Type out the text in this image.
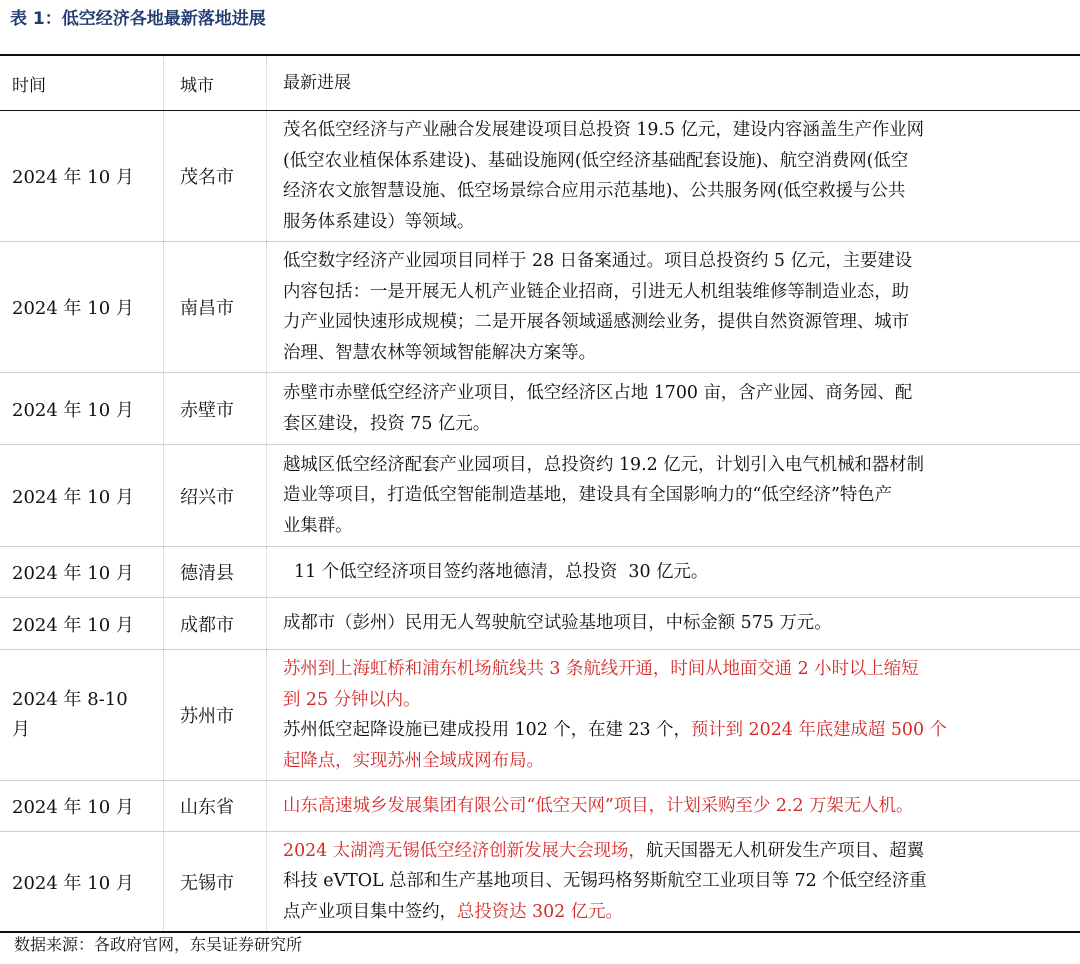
表 1：低空经济各地最新落地进展
时间	城市	最新进展
2024 年 10 月	茂名市
茂名低空经济与产业融合发展建设项目总投资 19.5 亿元，建设内容涵盖生产作业网
(低空农业植保体系建设)、基础设施网(低空经济基础配套设施)、航空消费网(低空
经济农文旅智慧设施、低空场景综合应用示范基地)、公共服务网(低空救援与公共
服务体系建设）等领域。
2024 年 10 月	南昌市
低空数字经济产业园项目同样于 28 日备案通过。项目总投资约 5 亿元，主要建设
内容包括：一是开展无人机产业链企业招商，引进无人机组装维修等制造业态，助
力产业园快速形成规模；二是开展各领域遥感测绘业务，提供自然资源管理、城市
治理、智慧农林等领域智能解决方案等。
2024 年 10 月	赤壁市
赤壁市赤壁低空经济产业项目，低空经济区占地 1700 亩，含产业园、商务园、配
套区建设，投资 75 亿元。
2024 年 10 月	绍兴市
越城区低空经济配套产业园项目，总投资约 19.2 亿元，计划引入电气机械和器材制
造业等项目，打造低空智能制造基地，建设具有全国影响力的“低空经济”特色产
业集群。
2024 年 10 月	德清县	11 个低空经济项目签约落地德清，总投资  30 亿元。
2024 年 10 月	成都市	成都市（彭州）民用无人驾驶航空试验基地项目，中标金额 575 万元。
2024 年 8-10 月
苏州市
苏州到上海虹桥和浦东机场航线共 3 条航线开通，时间从地面交通 2 小时以上缩短
到 25 分钟以内。
苏州低空起降设施已建成投用 102 个，在建 23 个，预计到 2024 年底建成超 500 个
起降点，实现苏州全域成网布局。
2024 年 10 月	山东省	山东高速城乡发展集团有限公司“低空天网”项目，计划采购至少 2.2 万架无人机。
2024 年 10 月	无锡市
2024 太湖湾无锡低空经济创新发展大会现场，航天国器无人机研发生产项目、超翼
科技 eVTOL 总部和生产基地项目、无锡玛格努斯航空工业项目等 72 个低空经济重
点产业项目集中签约，总投资达 302 亿元。
数据来源：各政府官网，东吴证券研究所
